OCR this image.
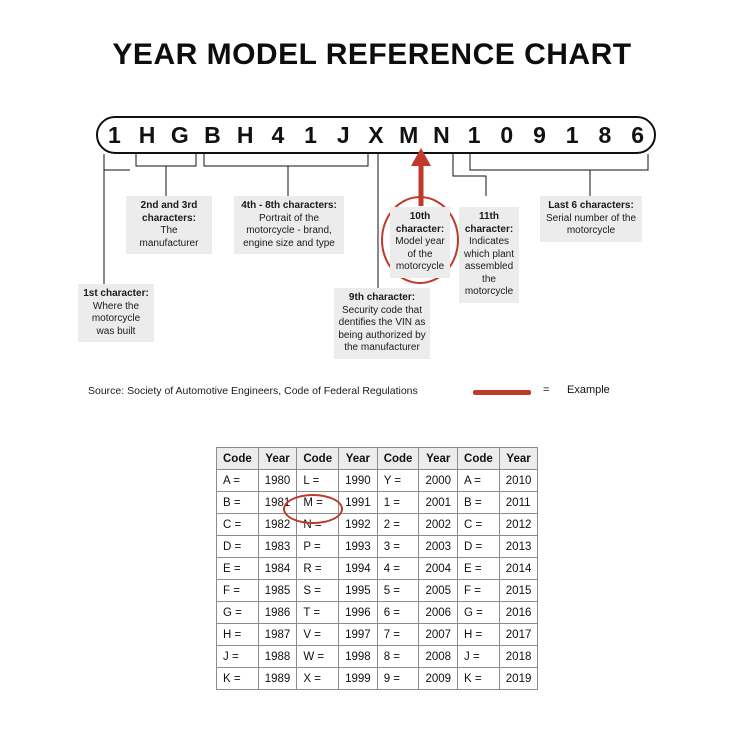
YEAR MODEL REFERENCE CHART
1 H G B H 4 1 J X M N 1 0 9 1 8 6
1st character:
Where the motorcycle was built
2nd and 3rd characters:
The manufacturer
4th - 8th characters:
Portrait of the motorcycle - brand, engine size and type
9th character:
Security code that dentifies the VIN as being authorized by the manufacturer
10th character:
Model year of the motorcycle
11th character:
Indicates which plant assembled the motorcycle
Last 6 characters:
Serial number of the motorcycle
Source: Society of Automotive Engineers, Code of Federal Regulations	= Example
Code	Year	Code	Year	Code	Year	Code	Year
A =	1980	L =	1990	Y =	2000	A =	2010
B =	1981	M =	1991	1 =	2001	B =	2011
C =	1982	N =	1992	2 =	2002	C =	2012
D =	1983	P =	1993	3 =	2003	D =	2013
E =	1984	R =	1994	4 =	2004	E =	2014
F =	1985	S =	1995	5 =	2005	F =	2015
G =	1986	T =	1996	6 =	2006	G =	2016
H =	1987	V =	1997	7 =	2007	H =	2017
J =	1988	W =	1998	8 =	2008	J =	2018
K =	1989	X =	1999	9 =	2009	K =	2019
